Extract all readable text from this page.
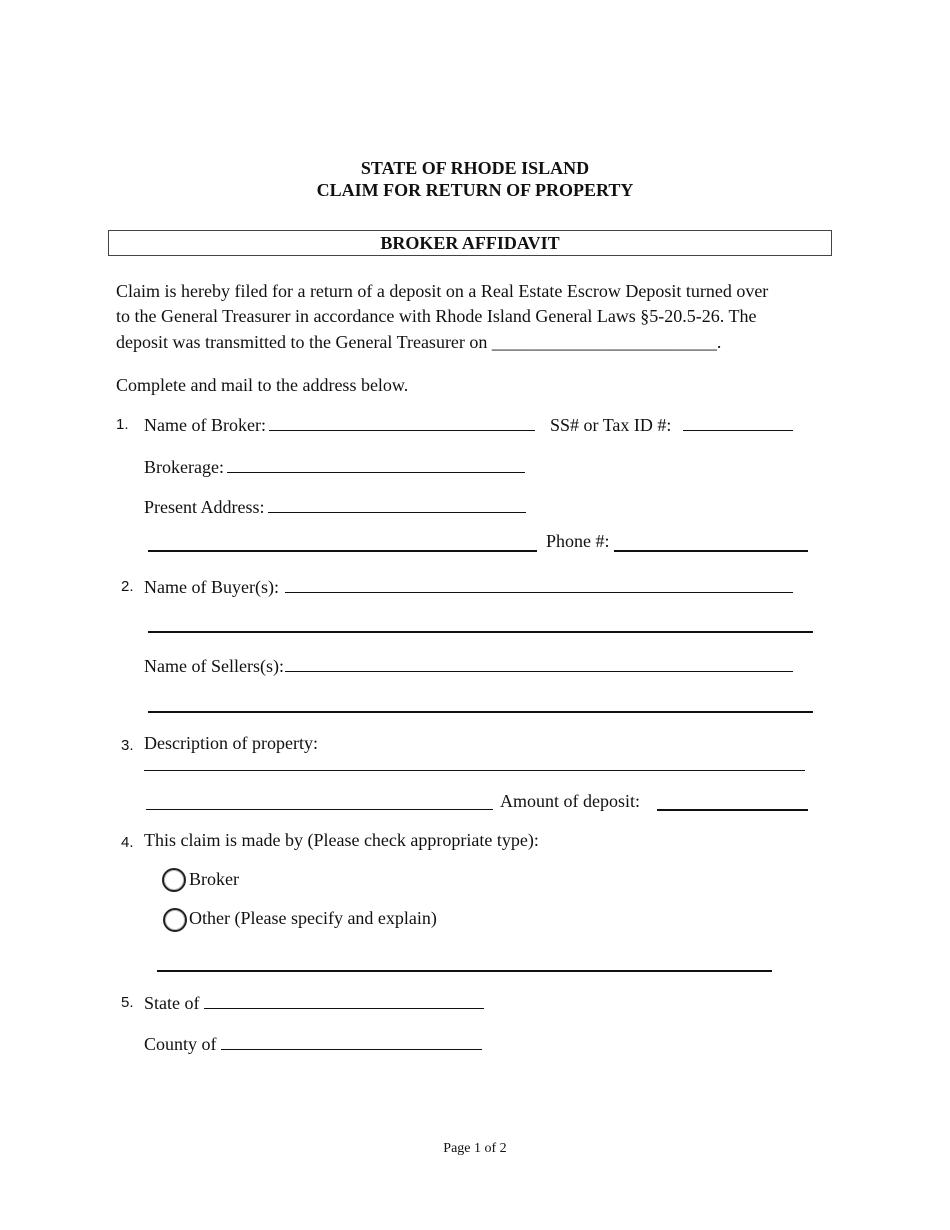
STATE OF RHODE ISLAND
CLAIM FOR RETURN OF PROPERTY
BROKER AFFIDAVIT
Claim is hereby filed for a return of a deposit on a Real Estate Escrow Deposit turned over
to the General Treasurer in accordance with Rhode Island General Laws §5-20.5-26. The
deposit was transmitted to the General Treasurer on _________________________.
Complete and mail to the address below.
1. Name of Broker:	SS# or Tax ID #:
Brokerage:
Present Address:
Phone #:
2. Name of Buyer(s):
Name of Sellers(s):
3. Description of property:
Amount of deposit:
4. This claim is made by (Please check appropriate type):
Broker
Other (Please specify and explain)
5. State of
County of
Page 1 of 2
